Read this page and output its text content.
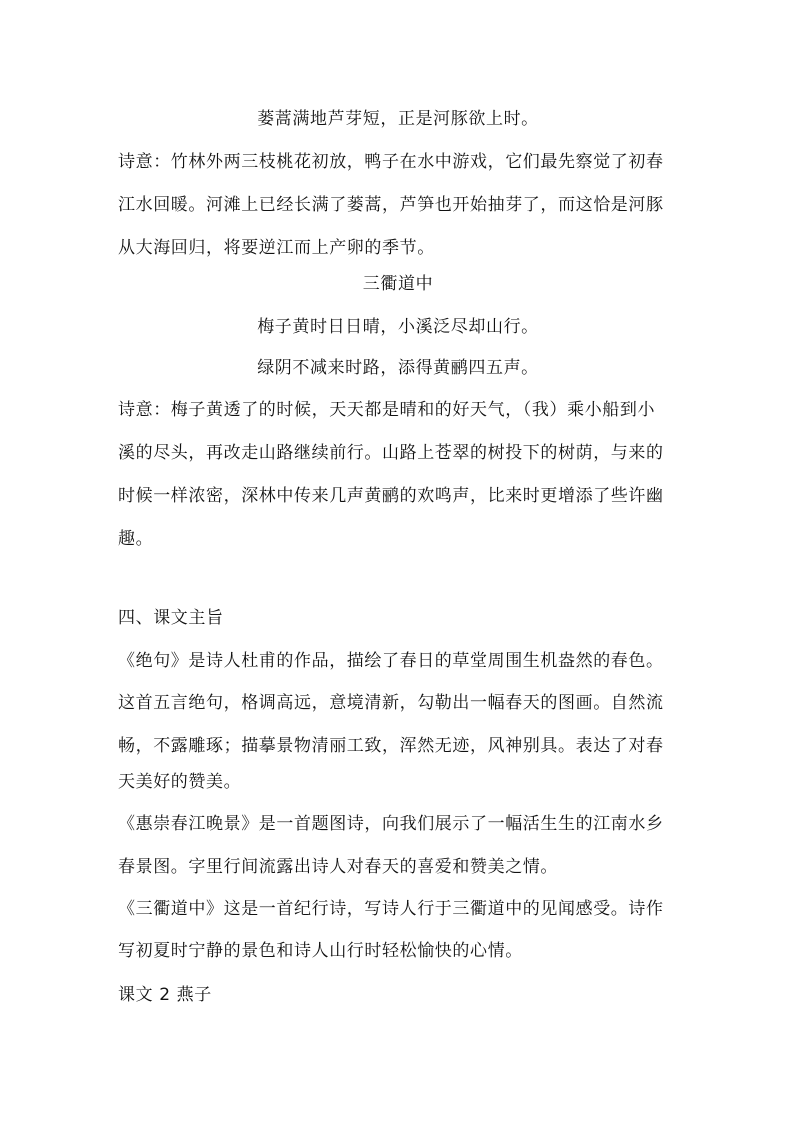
蒌蒿满地芦芽短，正是河豚欲上时。
诗意：竹林外两三枝桃花初放，鸭子在水中游戏，它们最先察觉了初春
江水回暖。河滩上已经长满了蒌蒿，芦笋也开始抽芽了，而这恰是河豚
从大海回归，将要逆江而上产卵的季节。
三衢道中
梅子黄时日日晴，小溪泛尽却山行。
绿阴不减来时路，添得黄鹂四五声。
诗意：梅子黄透了的时候，天天都是晴和的好天气，（我）乘小船到小
溪的尽头，再改走山路继续前行。山路上苍翠的树投下的树荫，与来的
时候一样浓密，深林中传来几声黄鹂的欢鸣声，比来时更增添了些许幽
趣。
四、课文主旨
《绝句》是诗人杜甫的作品，描绘了春日的草堂周围生机盎然的春色。
这首五言绝句，格调高远，意境清新，勾勒出一幅春天的图画。自然流
畅，不露雕琢；描摹景物清丽工致，浑然无迹，风神别具。表达了对春
天美好的赞美。
《惠崇春江晚景》是一首题图诗，向我们展示了一幅活生生的江南水乡
春景图。字里行间流露出诗人对春天的喜爱和赞美之情。
《三衢道中》这是一首纪行诗，写诗人行于三衢道中的见闻感受。诗作
写初夏时宁静的景色和诗人山行时轻松愉快的心情。
课文 2 燕子
